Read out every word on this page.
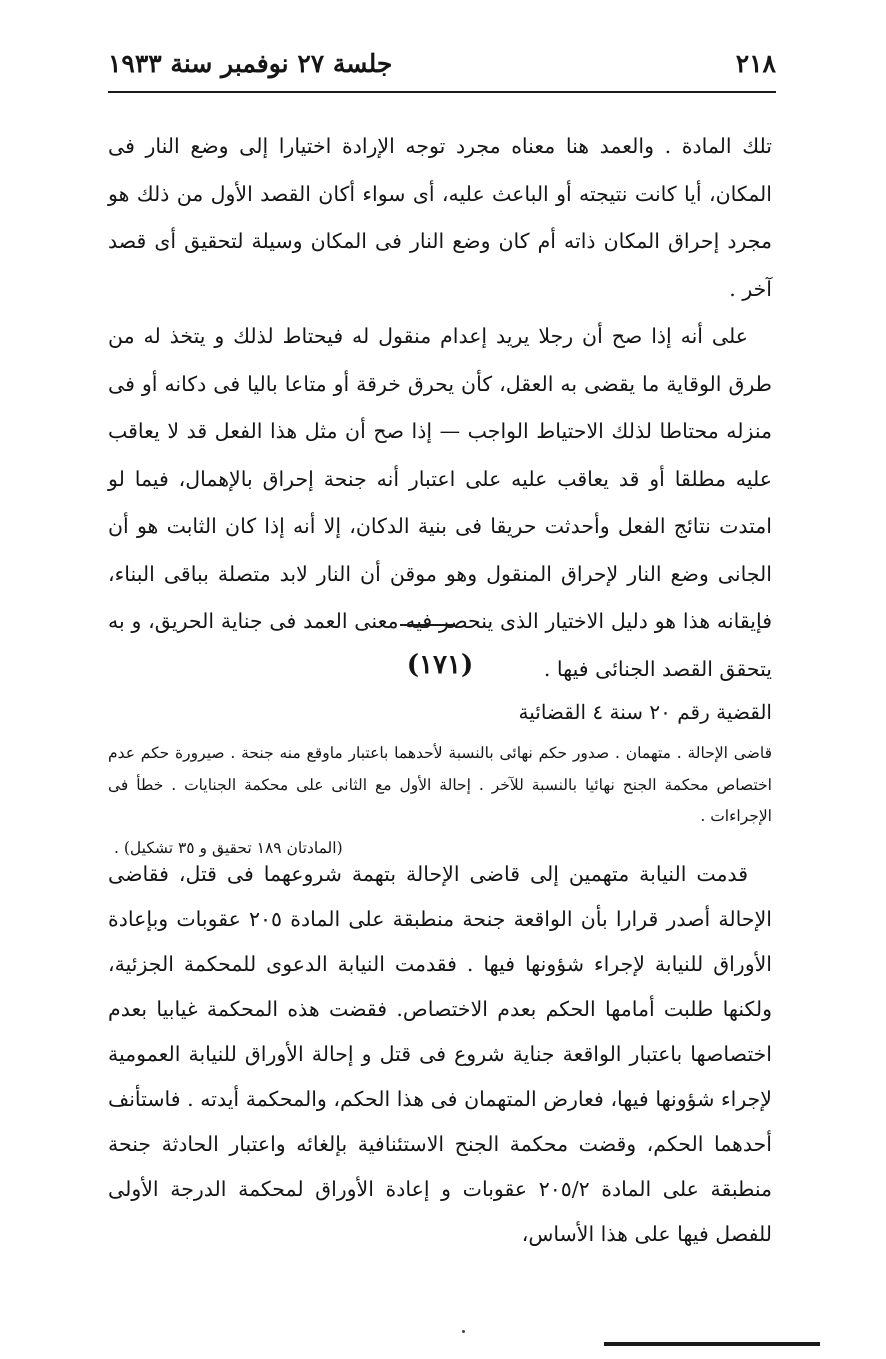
٢١٨
جلسة ٢٧ نوفمبر سنة ١٩٣٣

تلك المادة . والعمد هنا معناه مجرد توجه الإرادة اختيارا إلى وضع النار فى المكان، أيا كانت نتيجته أو الباعث عليه، أى سواء أكان القصد الأول من ذلك هو مجرد إحراق المكان ذاته أم كان وضع النار فى المكان وسيلة لتحقيق أى قصد آخر .

على أنه إذا صح أن رجلا يريد إعدام منقول له فيحتاط لذلك و يتخذ له من طرق الوقاية ما يقضى به العقل، كأن يحرق خرقة أو متاعا باليا فى دكانه أو فى منزله محتاطا لذلك الاحتياط الواجب — إذا صح أن مثل هذا الفعل قد لا يعاقب عليه مطلقا أو قد يعاقب عليه على اعتبار أنه جنحة إحراق بالإهمال، فيما لو امتدت نتائج الفعل وأحدثت حريقا فى بنية الدكان، إلا أنه إذا كان الثابت هو أن الجانى وضع النار لإحراق المنقول وهو موقن أن النار لابد متصلة بباقى البناء، فإيقانه هذا هو دليل الاختيار الذى ينحصر فيه معنى العمد فى جناية الحريق، و به يتحقق القصد الجنائى فيها .

(١٧١)
القضية رقم ٢٠ سنة ٤ القضائية

قاضى الإحالة . متهمان . صدور حكم نهائى بالنسبة لأحدهما باعتبار ماوقع منه جنحة . صيرورة حكم عدم اختصاص محكمة الجنح نهائيا بالنسبة للآخر . إحالة الأول مع الثانى على محكمة الجنايات . خطأ فى الإجراءات .

(المادتان ١٨٩ تحقيق و ٣٥ تشكيل) .

قدمت النيابة متهمين إلى قاضى الإحالة بتهمة شروعهما فى قتل، فقاضى الإحالة أصدر قرارا بأن الواقعة جنحة منطبقة على المادة ٢٠٥ عقوبات وبإعادة الأوراق للنيابة لإجراء شؤونها فيها . فقدمت النيابة الدعوى للمحكمة الجزئية، ولكنها طلبت أمامها الحكم بعدم الاختصاص. فقضت هذه المحكمة غيابيا بعدم اختصاصها باعتبار الواقعة جناية شروع فى قتل و إحالة الأوراق للنيابة العمومية لإجراء شؤونها فيها، فعارض المتهمان فى هذا الحكم، والمحكمة أيدته . فاستأنف أحدهما الحكم، وقضت محكمة الجنح الاستئنافية بإلغائه واعتبار الحادثة جنحة منطبقة على المادة ٢٠٥/٢ عقوبات و إعادة الأوراق لمحكمة الدرجة الأولى للفصل فيها على هذا الأساس،
